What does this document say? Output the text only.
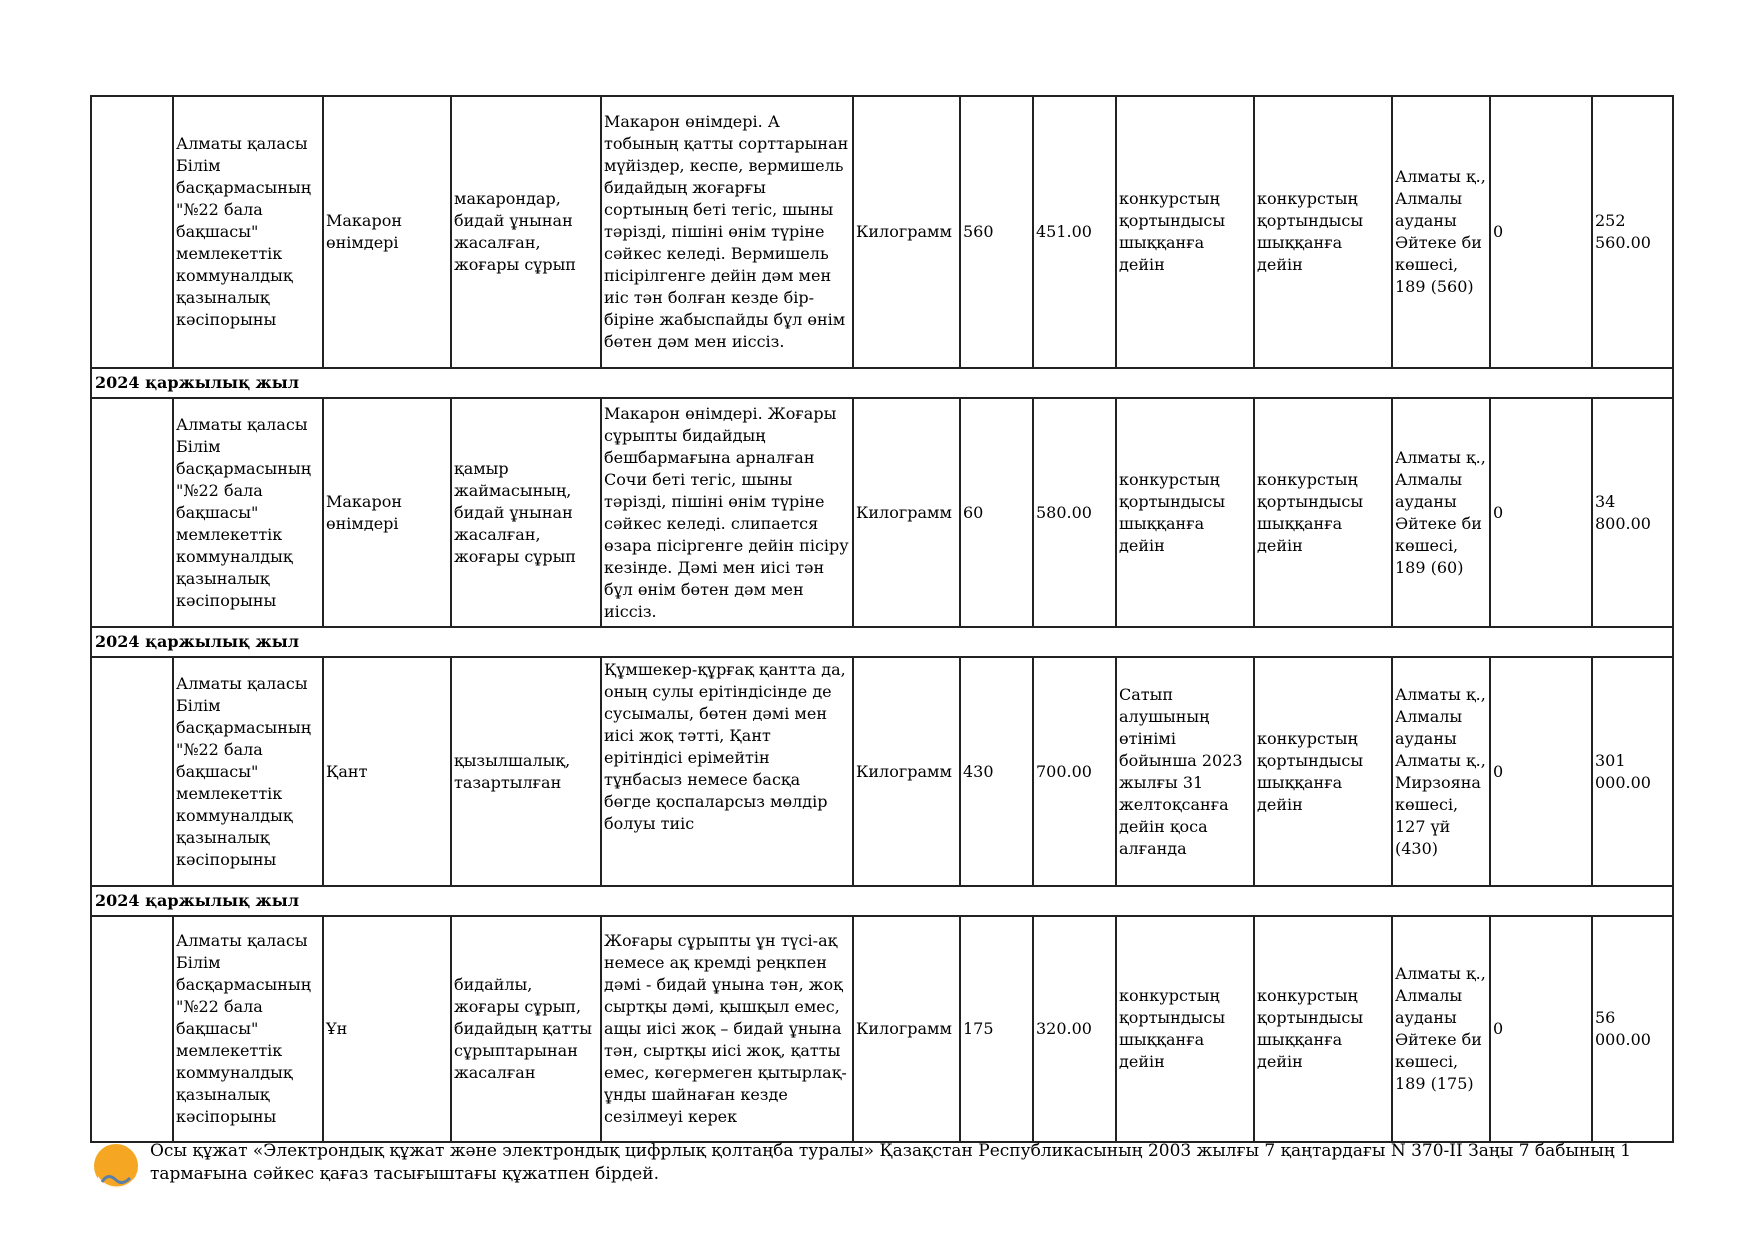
	Алматы қаласы Білім басқармасының "№22 бала бақшасы" мемлекеттік коммуналдық қазыналық кәсіпорыны	Макарон өнімдері	макарондар, бидай ұнынан жасалған, жоғары сұрып	Макарон өнімдері. А тобының қатты сорттарынан мүйіздер, кеспе, вермишель бидайдың жоғарғы сортының беті тегіс, шыны тәрізді, пішіні өнім түріне сәйкес келеді. Вермишель пісірілгенге дейін дәм мен иіс тән болған кезде бір-біріне жабыспайды бұл өнім бөтен дәм мен иіссіз.	Килограмм	560	451.00	конкурстың қортындысы шыққанға дейін	конкурстың қортындысы шыққанға дейін	Алматы қ., Алмалы ауданы Әйтеке би көшесі, 189 (560)	0	252 560.00
2024 қаржылық жыл												
	Алматы қаласы Білім басқармасының "№22 бала бақшасы" мемлекеттік коммуналдық қазыналық кәсіпорыны	Макарон өнімдері	қамыр жаймасының, бидай ұнынан жасалған, жоғары сұрып	Макарон өнімдері. Жоғары сұрыпты бидайдың бешбармағына арналған Сочи беті тегіс, шыны тәрізді, пішіні өнім түріне сәйкес келеді. слипается өзара пісіргенге дейін пісіру кезінде. Дәмі мен иісі тән бұл өнім бөтен дәм мен иіссіз.	Килограмм	60	580.00	конкурстың қортындысы шыққанға дейін	конкурстың қортындысы шыққанға дейін	Алматы қ., Алмалы ауданы Әйтеке би көшесі, 189 (60)	0	34 800.00
2024 қаржылық жыл												
	Алматы қаласы Білім басқармасының "№22 бала бақшасы" мемлекеттік коммуналдық қазыналық кәсіпорыны	Қант	қызылшалық, тазартылған	Құмшекер-құрғақ қантта да, оның сулы ерітіндісінде де сусымалы, бөтен дәмі мен иісі жоқ тәтті, Қант ерітіндісі ерімейтін тұнбасыз немесе басқа бөгде қоспаларсыз мөлдір болуы тиіс	Килограмм	430	700.00	Сатып алушының өтінімі бойынша 2023 жылғы 31 желтоқсанға дейін қоса алғанда	конкурстың қортындысы шыққанға дейін	Алматы қ., Алмалы ауданы Алматы қ., Мирзояна көшесі, 127 үй (430)	0	301 000.00
2024 қаржылық жыл												
	Алматы қаласы Білім басқармасының "№22 бала бақшасы" мемлекеттік коммуналдық қазыналық кәсіпорыны	Ұн	бидайлы, жоғары сұрып, бидайдың қатты сұрыптарынан жасалған	Жоғары сұрыпты ұн түсі-ақ немесе ақ кремді реңкпен дәмі - бидай ұнына тән, жоқ сыртқы дәмі, қышқыл емес, ащы иісі жоқ – бидай ұнына тән, сыртқы иісі жоқ, қатты емес, көгермеген қытырлақ-ұнды шайнаған кезде сезілмеуі керек	Килограмм	175	320.00	конкурстың қортындысы шыққанға дейін	конкурстың қортындысы шыққанға дейін	Алматы қ., Алмалы ауданы Әйтеке би көшесі, 189 (175)	0	56 000.00
Осы құжат «Электрондық құжат және электрондық цифрлық қолтаңба туралы» Қазақстан Республикасының 2003 жылғы 7 қаңтардағы N 370-II Заңы 7 бабының 1 тармағына сәйкес қағаз тасығыштағы құжатпен бірдей.
